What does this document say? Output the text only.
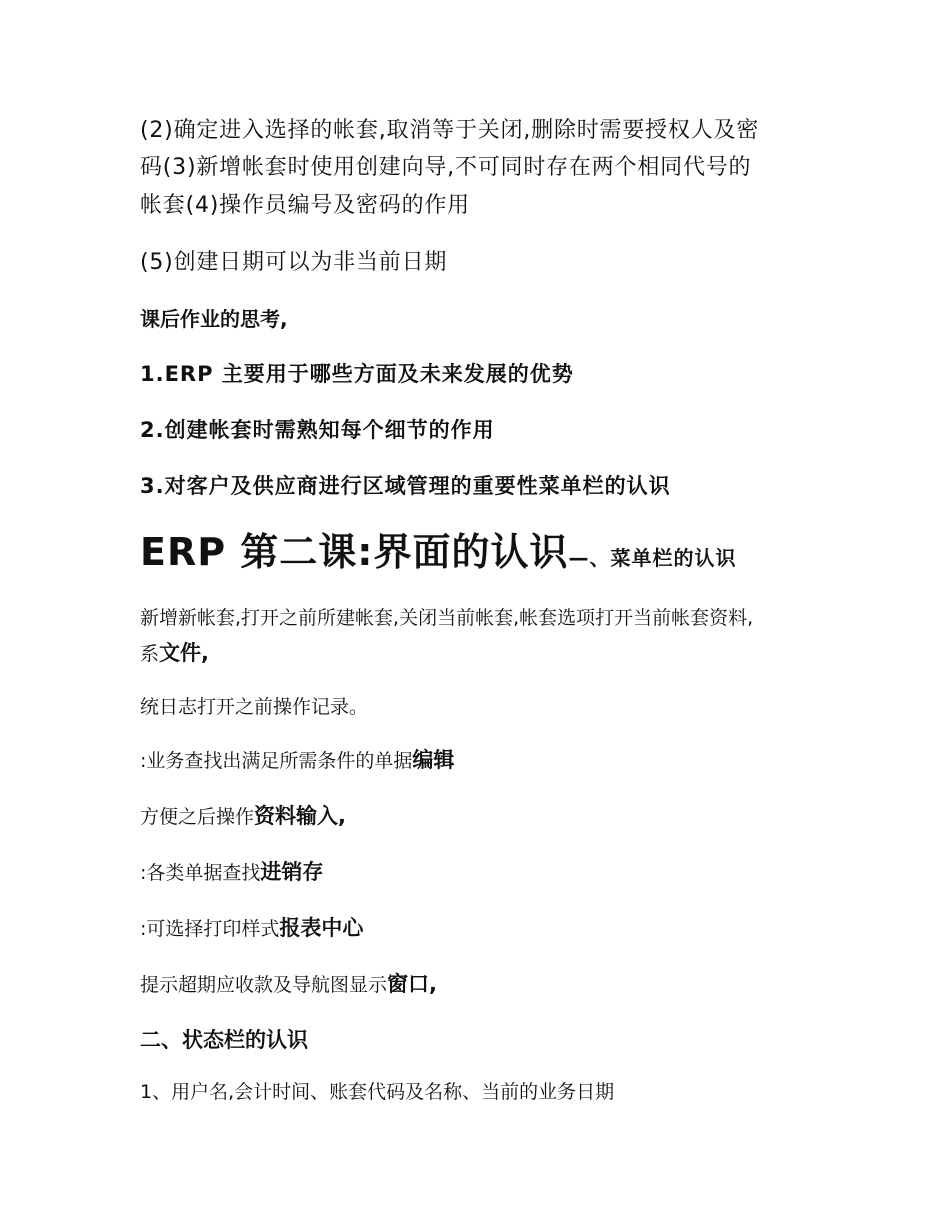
(2)确定进入选择的帐套,取消等于关闭,删除时需要授权人及密
码(3)新增帐套时使用创建向导,不可同时存在两个相同代号的
帐套(4)操作员编号及密码的作用
(5)创建日期可以为非当前日期
课后作业的思考,
1.ERP 主要用于哪些方面及未来发展的优势
2.创建帐套时需熟知每个细节的作用
3.对客户及供应商进行区域管理的重要性菜单栏的认识
ERP 第二课:界面的认识—、菜单栏的认识
新增新帐套,打开之前所建帐套,关闭当前帐套,帐套选项打开当前帐套资料,
系文件,
统日志打开之前操作记录。
:业务查找出满足所需条件的单据编辑
方便之后操作资料输入,
:各类单据查找进销存
:可选择打印样式报表中心
提示超期应收款及导航图显示窗口,
二、状态栏的认识
1、用户名,会计时间、账套代码及名称、当前的业务日期
